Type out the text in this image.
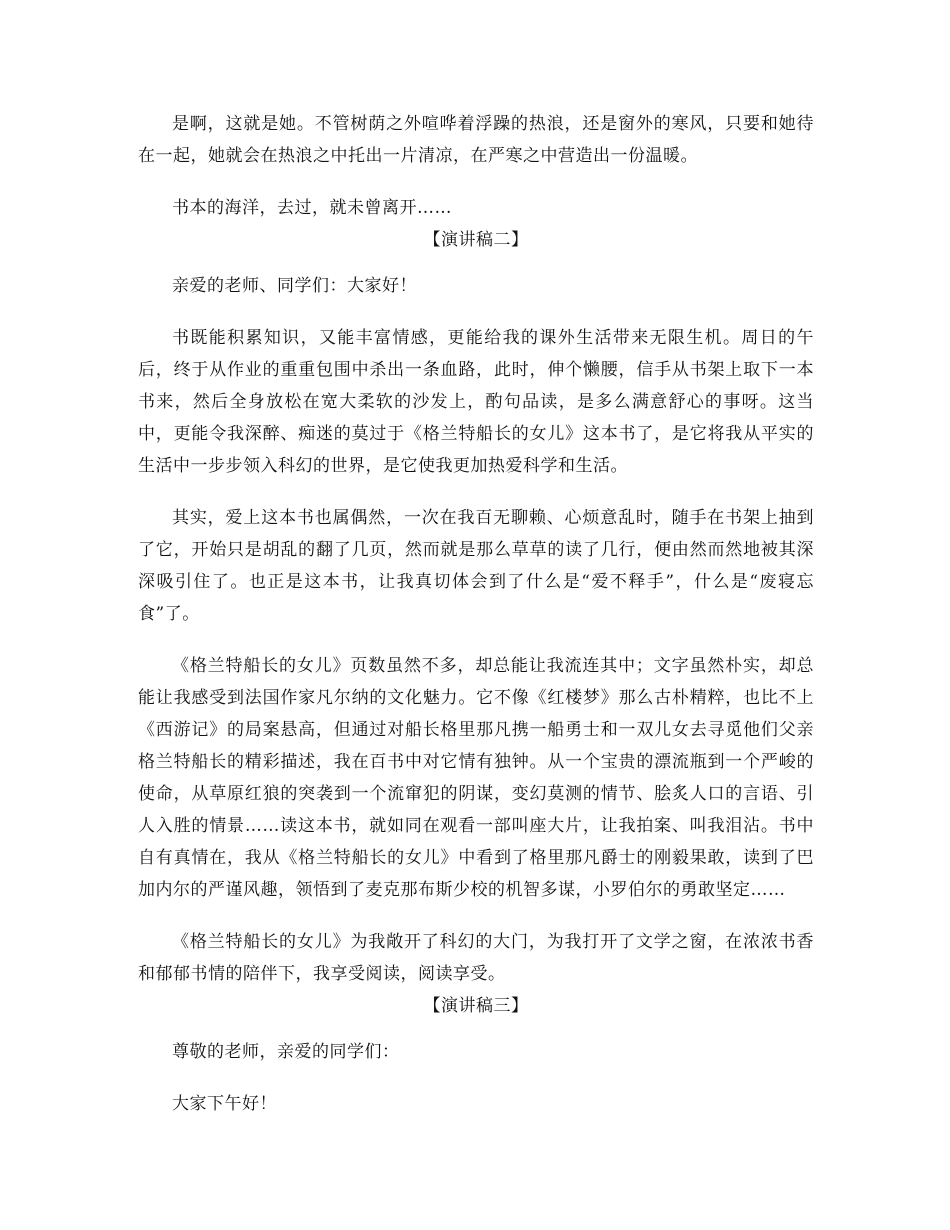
是啊，这就是她。不管树荫之外喧哗着浮躁的热浪，还是窗外的寒风，只要和她待在一起，她就会在热浪之中托出一片清凉，在严寒之中营造出一份温暖。

书本的海洋，去过，就未曾离开……

【演讲稿二】

亲爱的老师、同学们：大家好！

书既能积累知识，又能丰富情感，更能给我的课外生活带来无限生机。周日的午后，终于从作业的重重包围中杀出一条血路，此时，伸个懒腰，信手从书架上取下一本书来，然后全身放松在宽大柔软的沙发上，酌句品读，是多么满意舒心的事呀。这当中，更能令我深醉、痴迷的莫过于《格兰特船长的女儿》这本书了，是它将我从平实的生活中一步步领入科幻的世界，是它使我更加热爱科学和生活。

其实，爱上这本书也属偶然，一次在我百无聊赖、心烦意乱时，随手在书架上抽到了它，开始只是胡乱的翻了几页，然而就是那么草草的读了几行，便由然而然地被其深深吸引住了。也正是这本书，让我真切体会到了什么是“爱不释手”，什么是“废寝忘食”了。

《格兰特船长的女儿》页数虽然不多，却总能让我流连其中；文字虽然朴实，却总能让我感受到法国作家凡尔纳的文化魅力。它不像《红楼梦》那么古朴精粹，也比不上《西游记》的局案悬高，但通过对船长格里那凡携一船勇士和一双儿女去寻觅他们父亲格兰特船长的精彩描述，我在百书中对它情有独钟。从一个宝贵的漂流瓶到一个严峻的使命，从草原红狼的突袭到一个流窜犯的阴谋，变幻莫测的情节、脍炙人口的言语、引人入胜的情景……读这本书，就如同在观看一部叫座大片，让我拍案、叫我泪沾。书中自有真情在，我从《格兰特船长的女儿》中看到了格里那凡爵士的刚毅果敢，读到了巴加内尔的严谨风趣，领悟到了麦克那布斯少校的机智多谋，小罗伯尔的勇敢坚定……

《格兰特船长的女儿》为我敞开了科幻的大门，为我打开了文学之窗，在浓浓书香和郁郁书情的陪伴下，我享受阅读，阅读享受。

【演讲稿三】

尊敬的老师，亲爱的同学们：

大家下午好！
